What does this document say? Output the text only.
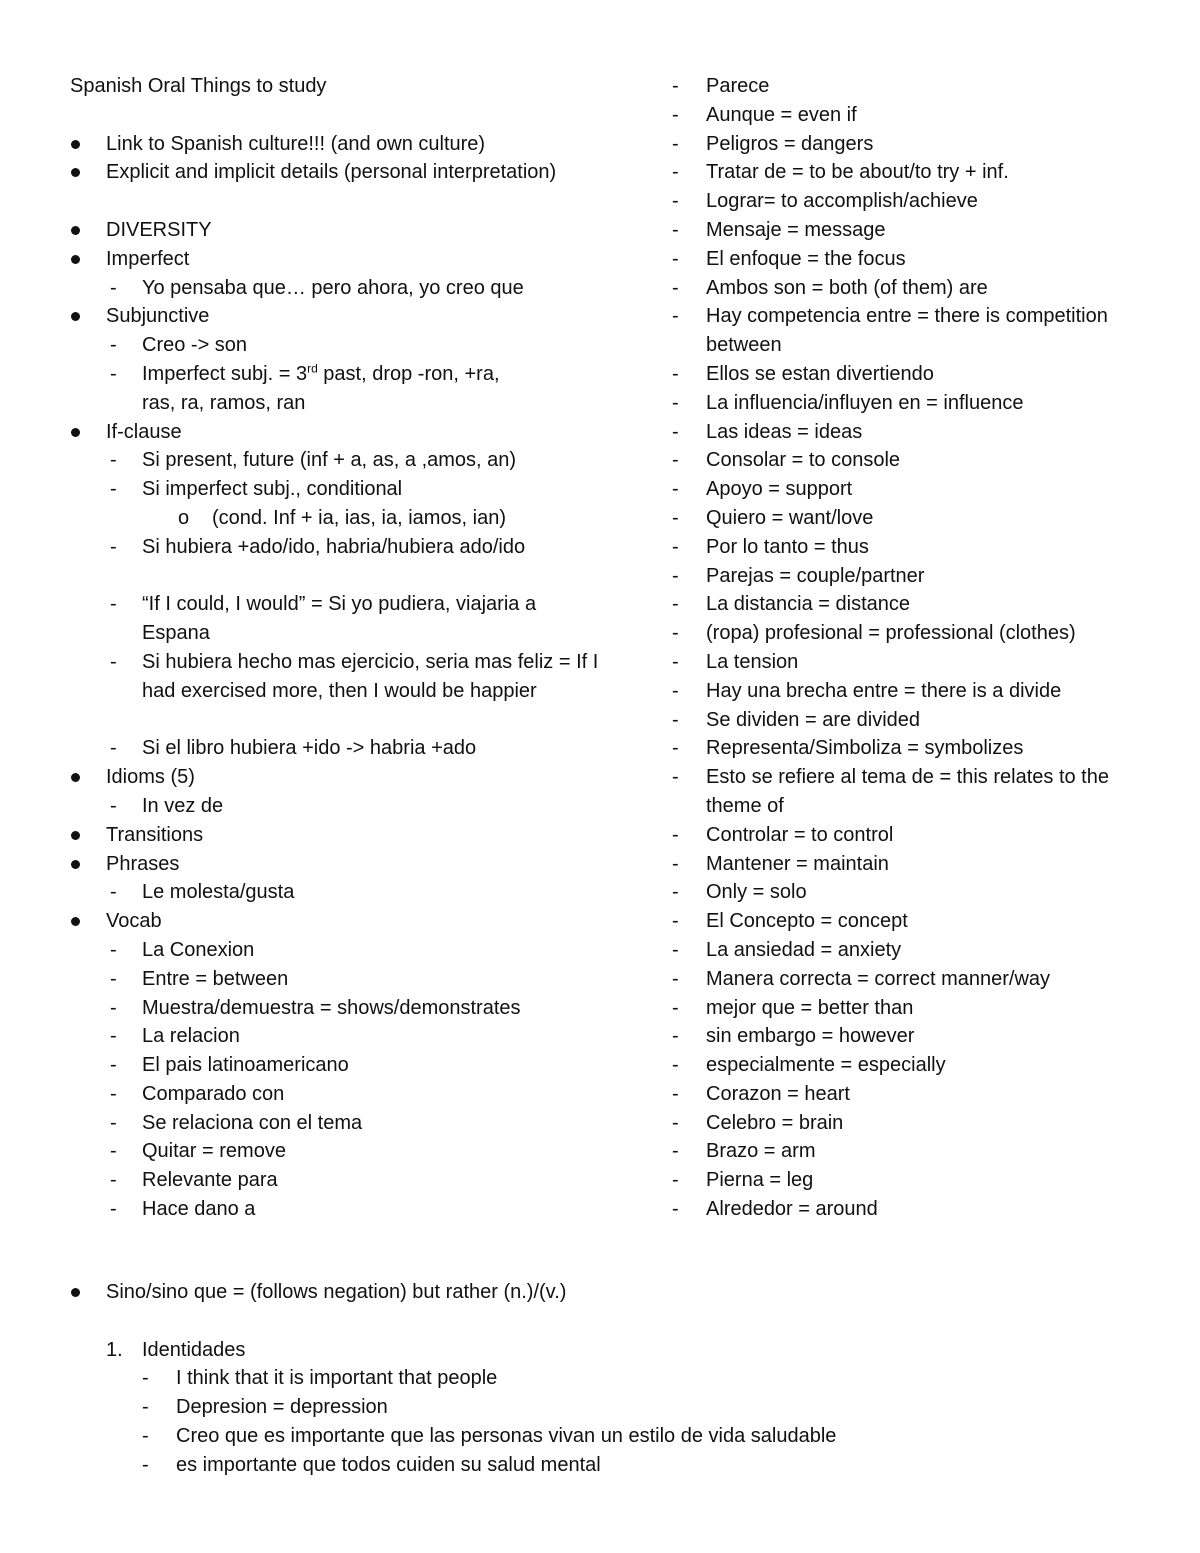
Spanish Oral Things to study
Link to Spanish culture!!! (and own culture)
Explicit and implicit details (personal interpretation)
DIVERSITY
Imperfect
- Yo pensaba que… pero ahora, yo creo que
Subjunctive
- Creo -> son
- Imperfect subj. = 3rd past, drop -ron, +ra,
ras, ra, ramos, ran
If-clause
- Si present, future (inf + a, as, a ,amos, an)
- Si imperfect subj., conditional
o (cond. Inf + ia, ias, ia, iamos, ian)
- Si hubiera +ado/ido, habria/hubiera ado/ido
- “If I could, I would” = Si yo pudiera, viajaria a Espana
- Si hubiera hecho mas ejercicio, seria mas feliz = If I had exercised more, then I would be happier
- Si el libro hubiera +ido -> habria +ado
Idioms (5)
- In vez de
Transitions
Phrases
- Le molesta/gusta
Vocab
- La Conexion
- Entre = between
- Muestra/demuestra = shows/demonstrates
- La relacion
- El pais latinoamericano
- Comparado con
- Se relaciona con el tema
- Quitar = remove
- Relevante para
- Hace dano a
- Parece
- Aunque = even if
- Peligros = dangers
- Tratar de = to be about/to try + inf.
- Lograr= to accomplish/achieve
- Mensaje = message
- El enfoque = the focus
- Ambos son = both (of them) are
- Hay competencia entre = there is competition between
- Ellos se estan divertiendo
- La influencia/influyen en = influence
- Las ideas = ideas
- Consolar = to console
- Apoyo = support
- Quiero = want/love
- Por lo tanto = thus
- Parejas = couple/partner
- La distancia = distance
- (ropa) profesional = professional (clothes)
- La tension
- Hay una brecha entre = there is a divide
- Se dividen = are divided
- Representa/Simboliza = symbolizes
- Esto se refiere al tema de = this relates to the theme of
- Controlar = to control
- Mantener = maintain
- Only = solo
- El Concepto = concept
- La ansiedad = anxiety
- Manera correcta = correct manner/way
- mejor que = better than
- sin embargo = however
- especialmente = especially
- Corazon = heart
- Celebro = brain
- Brazo = arm
- Pierna = leg
- Alrededor = around
Sino/sino que = (follows negation) but rather (n.)/(v.)
1. Identidades
- I think that it is important that people
- Depresion = depression
- Creo que es importante que las personas vivan un estilo de vida saludable
- es importante que todos cuiden su salud mental
